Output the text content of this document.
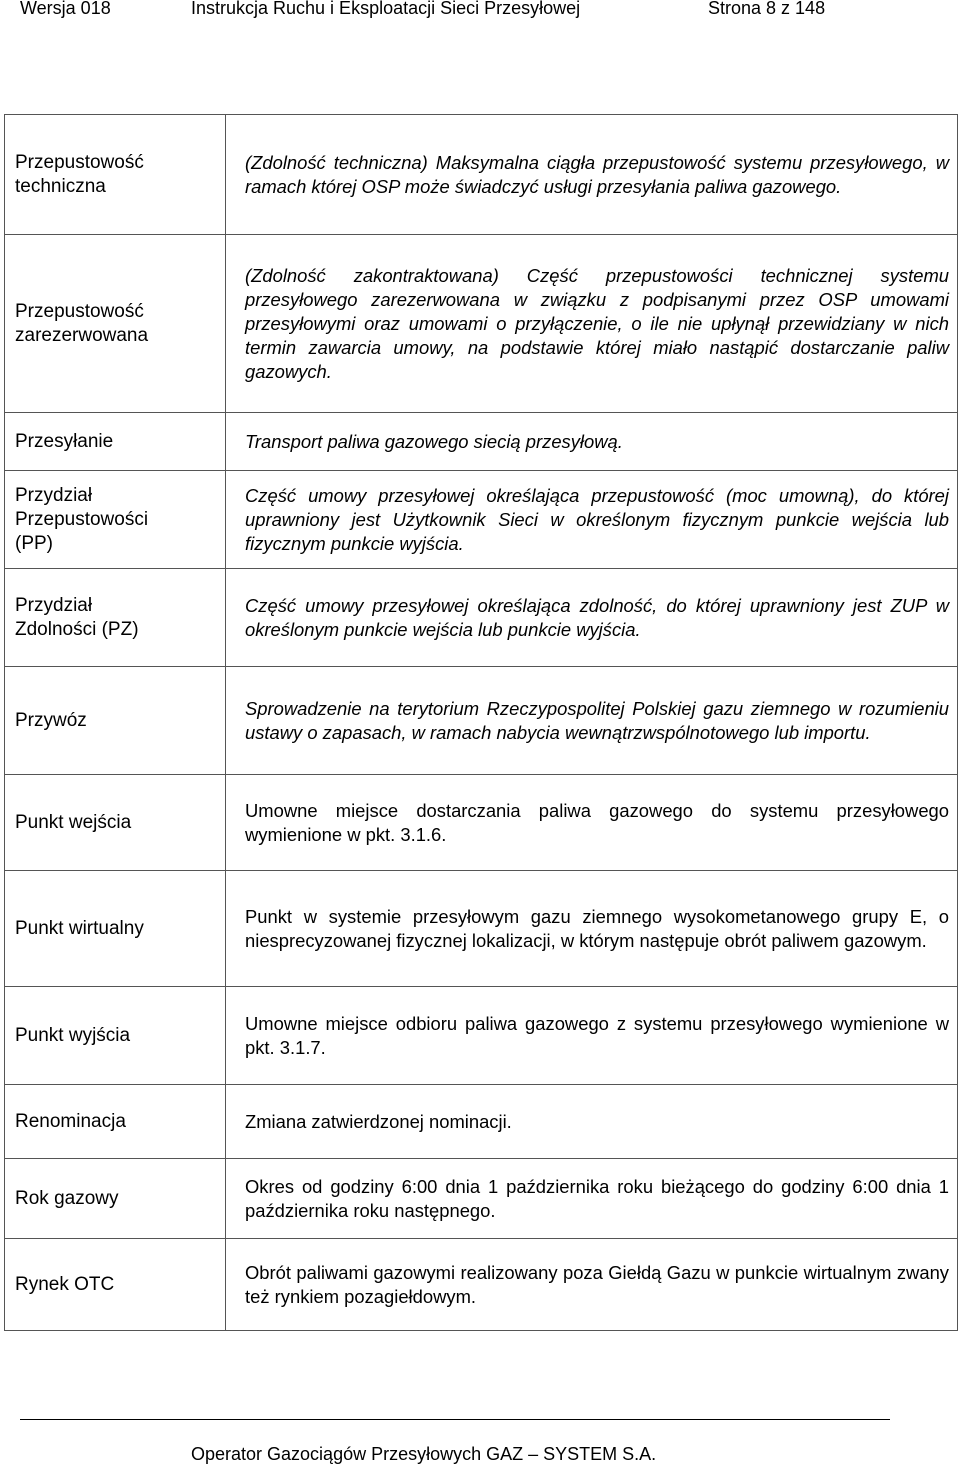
Wersja 018	Instrukcja Ruchu i Eksploatacji Sieci Przesyłowej	Strona 8 z 148
Przepustowość techniczna	(Zdolność techniczna) Maksymalna ciągła przepustowość systemu przesyłowego, w ramach której OSP może świadczyć usługi przesyłania paliwa gazowego.

Przepustowość zarezerwowana	(Zdolność zakontraktowana) Część przepustowości technicznej systemu przesyłowego zarezerwowana w związku z podpisanymi przez OSP umowami przesyłowymi oraz umowami o przyłączenie, o ile nie upłynął przewidziany w nich termin zawarcia umowy, na podstawie której miało nastąpić dostarczanie paliw gazowych.

Przesyłanie	Transport paliwa gazowego siecią przesyłową.

Przydział Przepustowości (PP)	Część umowy przesyłowej określająca przepustowość (moc umowną), do której uprawniony jest Użytkownik Sieci w określonym fizycznym punkcie wejścia lub fizycznym punkcie wyjścia.

Przydział Zdolności (PZ)	Część umowy przesyłowej określająca zdolność, do której uprawniony jest ZUP w określonym punkcie wejścia lub punkcie wyjścia.

Przywóz	Sprowadzenie na terytorium Rzeczypospolitej Polskiej gazu ziemnego w rozumieniu ustawy o zapasach, w ramach nabycia wewnątrzwspólnotowego lub importu.

Punkt wejścia	Umowne miejsce dostarczania paliwa gazowego do systemu przesyłowego wymienione w pkt. 3.1.6.

Punkt wirtualny	Punkt w systemie przesyłowym gazu ziemnego wysokometanowego grupy E, o niesprecyzowanej fizycznej lokalizacji, w którym następuje obrót paliwem gazowym.

Punkt wyjścia	Umowne miejsce odbioru paliwa gazowego z systemu przesyłowego wymienione w pkt. 3.1.7.

Renominacja	Zmiana zatwierdzonej nominacji.

Rok gazowy	Okres od godziny 6:00 dnia 1 października roku bieżącego do godziny 6:00 dnia 1 października roku następnego.

Rynek OTC	Obrót paliwami gazowymi realizowany poza Giełdą Gazu w punkcie wirtualnym zwany też rynkiem pozagiełdowym.
Operator Gazociągów Przesyłowych GAZ – SYSTEM S.A.
